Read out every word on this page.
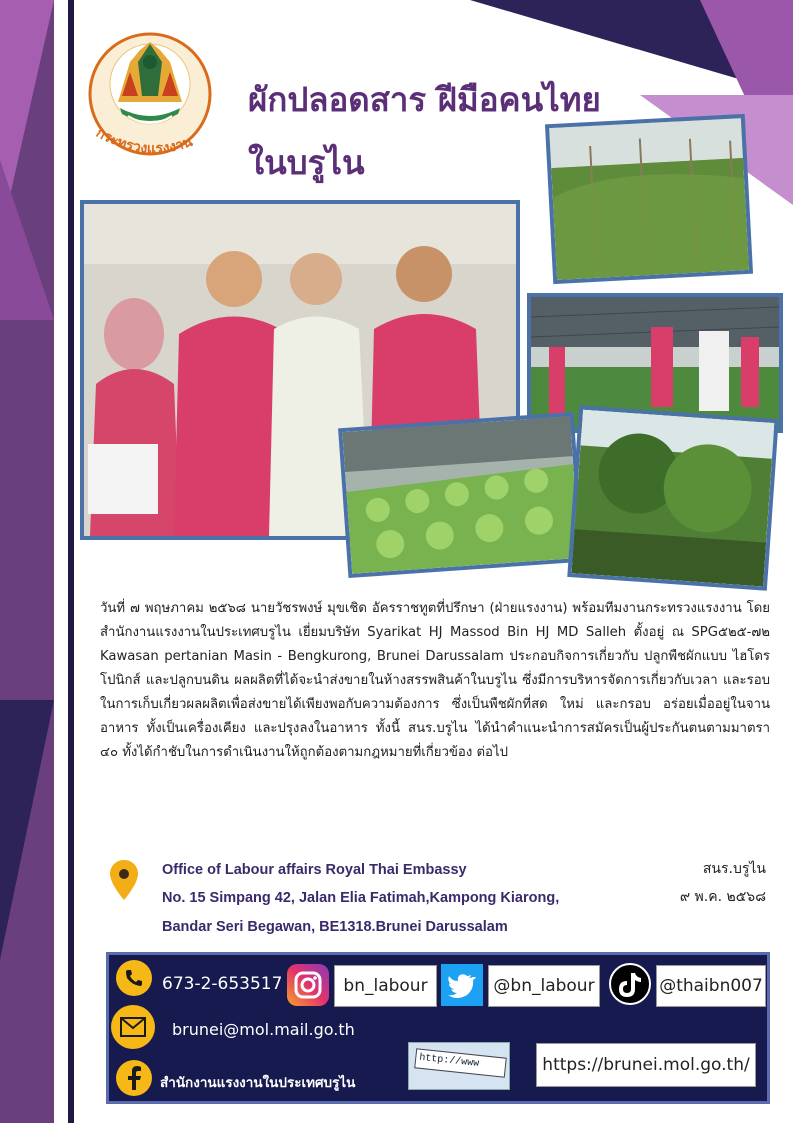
กระทรวงแรงงาน
ผักปลอดสาร ฝีมือคนไทย
ในบรูไน

วันที่ ๗ พฤษภาคม ๒๕๖๘ นายวัชรพงษ์ มุขเชิด อัครราชทูตที่ปรึกษา (ฝ่ายแรงงาน) พร้อมทีมงานกระทรวงแรงงาน โดยสำนักงานแรงงานในประเทศบรูไน เยี่ยมบริษัท Syarikat HJ Massod Bin HJ MD Salleh ตั้งอยู่ ณ SPG๕๒๕-๗๒ Kawasan pertanian Masin - Bengkurong, Brunei Darussalam ประกอบกิจการเกี่ยวกับ ปลูกพืชผักแบบ ไฮโดรโปนิกส์ และปลูกบนดิน ผลผลิตที่ได้จะนำส่งขายในห้างสรรพสินค้าในบรูไน ซึ่งมีการบริหารจัดการเกี่ยวกับเวลา และรอบในการเก็บเกี่ยวผลผลิตเพื่อส่งขายได้เพียงพอกับความต้องการ ซึ่งเป็นพืชผักที่สด ใหม่ และกรอบ อร่อยเมื่ออยู่ในจานอาหาร ทั้งเป็นเครื่องเคียง และปรุงลงในอาหาร ทั้งนี้ สนร.บรูไน ได้นำคำแนะนำการสมัครเป็นผู้ประกันตนตามมาตรา ๔๐ ทั้งได้กำชับในการดำเนินงานให้ถูกต้องตามกฎหมายที่เกี่ยวข้อง ต่อไป

Office of Labour affairs Royal Thai Embassy
No. 15 Simpang 42, Jalan Elia Fatimah,Kampong Kiarong,
Bandar Seri Begawan, BE1318.Brunei Darussalam
สนร.บรูไน
๙ พ.ค. ๒๕๖๘
673-2-653517	bn_labour	@bn_labour	@thaibn007
brunei@mol.mail.go.th
สำนักงานแรงงานในประเทศบรูไน
http://www	https://brunei.mol.go.th/
